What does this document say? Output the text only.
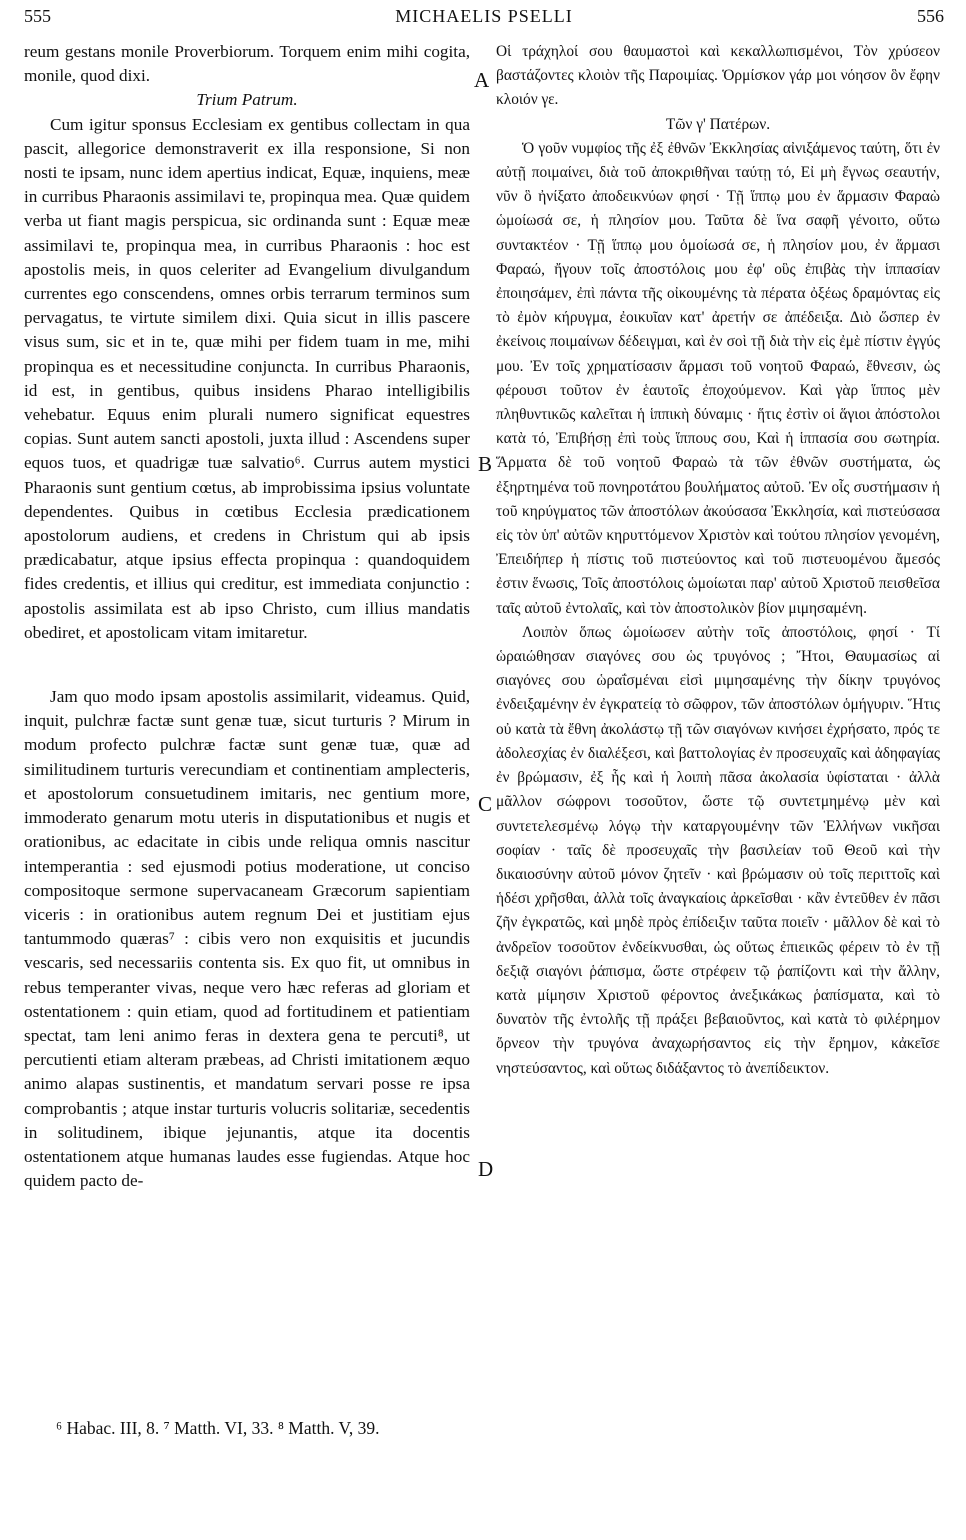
555	MICHAELIS PSELLI	556

reum gestans monile Proverbiorum. Torquem enim mihi cogita, monile, quod dixi.

Trium Patrum.

Cum igitur sponsus Ecclesiam ex gentibus collectam in qua pascit, allegorice demonstraverit ex illa responsione, Si non nosti te ipsam, nunc idem apertius indicat, Equæ, inquiens, meæ in curribus Pharaonis assimilavi te, propinqua mea. Quæ quidem verba ut fiant magis perspicua, sic ordinanda sunt : Equæ meæ assimilavi te, propinqua mea, in curribus Pharaonis : hoc est apostolis meis, in quos celeriter ad Evangelium divulgandum currentes ego conscendens, omnes orbis terrarum terminos sum pervagatus, te virtute similem dixi. Quia sicut in illis pascere visus sum, sic et in te, quæ mihi per fidem tuam in me, mihi propinqua es et necessitudine conjuncta. In curribus Pharaonis, id est, in gentibus, quibus insidens Pharao intelligibilis vehebatur. Equus enim plurali numero significat equestres copias. Sunt autem sancti apostoli, juxta illud : Ascendens super equos tuos, et quadrigæ tuæ salvatio⁶. Currus autem mystici Pharaonis sunt gentium cœtus, ab improbissima ipsius voluntate dependentes. Quibus in cœtibus Ecclesia prædicationem apostolorum audiens, et credens in Christum qui ab ipsis prædicabatur, atque ipsius effecta propinqua : quandoquidem fides credentis, et illius qui creditur, est immediata conjunctio : apostolis assimilata est ab ipso Christo, cum illius mandatis obediret, et apostolicam vitam imitaretur.

Jam quo modo ipsam apostolis assimilarit, videamus. Quid, inquit, pulchræ factæ sunt genæ tuæ, sicut turturis ? Mirum in modum profecto pulchræ factæ sunt genæ tuæ, quæ ad similitudinem turturis verecundiam et continentiam amplecteris, et apostolorum consuetudinem imitaris, nec gentium more, immoderato genarum motu uteris in disputationibus et nugis et orationibus, ac edacitate in cibis unde reliqua omnis nascitur intemperantia : sed ejusmodi potius moderatione, ut conciso compositoque sermone supervacaneam Græcorum sapientiam viceris : in orationibus autem regnum Dei et justitiam ejus tantummodo quæras⁷ : cibis vero non exquisitis et jucundis vescaris, sed necessariis contenta sis. Ex quo fit, ut omnibus in rebus temperanter vivas, neque vero hæc referas ad gloriam et ostentationem : quin etiam, quod ad fortitudinem et patientiam spectat, tam leni animo feras in dextera gena te percuti⁸, ut percutienti etiam alteram præbeas, ad Christi imitationem æquo animo alapas sustinentis, et mandatum servari posse re ipsa comprobantis ; atque instar turturis volucris solitariæ, secedentis in solitudinem, ibique jejunantis, atque ita docentis ostentationem atque humanas laudes esse fugiendas. Atque hoc quidem pacto de-

A
B
C
D

Οἱ τράχηλοί σου θαυμαστοὶ καὶ κεκαλλωπισμένοι, Τὸν χρύσεον βαστάζοντες κλοιὸν τῆς Παροιμίας. Ὁρμίσκον γάρ μοι νόησον ὃν ἔφην κλοιόν γε.

Τῶν γ' Πατέρων.

Ὁ γοῦν νυμφίος τῆς ἐξ ἐθνῶν Ἐκκλησίας αἰνιξάμενος ταύτη, ὅτι ἐν αὐτῇ ποιμαίνει, διὰ τοῦ ἀποκριθῆναι ταύτῃ τό, Εἰ μὴ ἔγνως σεαυτήν, νῦν ὃ ἠνίξατο ἀποδεικνύων φησί · Τῇ ἵππῳ μου ἐν ἅρμασιν Φαραὼ ὡμοίωσά σε, ἡ πλησίον μου. Ταῦτα δὲ ἵνα σαφῆ γένοιτο, οὕτω συντακτέον · Τῇ ἵππῳ μου ὁμοίωσά σε, ἡ πλησίον μου, ἐν ἅρμασι Φαραώ, ἤγουν τοῖς ἀποστόλοις μου ἐφ' οὓς ἐπιβὰς τὴν ἱππασίαν ἐποιησάμεν, ἐπὶ πάντα τῆς οἰκουμένης τὰ πέρατα ὀξέως δραμόντας εἰς τὸ ἐμὸν κήρυγμα, ἐοικυῖαν κατ' ἀρετήν σε ἀπέδειξα. Διὸ ὥσπερ ἐν ἐκείνοις ποιμαίνων δέδειγμαι, καὶ ἐν σοὶ τῇ διὰ τὴν εἰς ἐμὲ πίστιν ἐγγύς μου. Ἐν τοῖς χρηματίσασιν ἅρμασι τοῦ νοητοῦ Φαραώ, ἔθνεσιν, ὡς φέρουσι τοῦτον ἐν ἑαυτοῖς ἐποχούμενον. Καὶ γὰρ ἵππος μὲν πληθυντικῶς καλεῖται ἡ ἱππικὴ δύναμις · ἥτις ἐστὶν οἱ ἅγιοι ἀπόστολοι κατὰ τό, Ἐπιβήσῃ ἐπὶ τοὺς ἵππους σου, Καὶ ἡ ἱππασία σου σωτηρία. Ἅρματα δὲ τοῦ νοητοῦ Φαραὼ τὰ τῶν ἐθνῶν συστήματα, ὡς ἐξηρτημένα τοῦ πονηροτάτου βουλήματος αὐτοῦ. Ἐν οἷς συστήμασιν ἡ τοῦ κηρύγματος τῶν ἀποστόλων ἀκούσασα Ἐκκλησία, καὶ πιστεύσασα εἰς τὸν ὑπ' αὐτῶν κηρυττόμενον Χριστὸν καὶ τούτου πλησίον γενομένη, Ἐπειδήπερ ἡ πίστις τοῦ πιστεύοντος καὶ τοῦ πιστευομένου ἄμεσός ἐστιν ἕνωσις, Τοῖς ἀποστόλοις ὡμοίωται παρ' αὐτοῦ Χριστοῦ πεισθεῖσα ταῖς αὐτοῦ ἐντολαῖς, καὶ τὸν ἀποστολικὸν βίον μιμησαμένη.

Λοιπὸν ὅπως ὡμοίωσεν αὐτὴν τοῖς ἀποστόλοις, φησί · Τί ὡραιώθησαν σιαγόνες σου ὡς τρυγόνος ; Ἤτοι, Θαυμασίως αἱ σιαγόνες σου ὡραΐσμέναι εἰσὶ μιμησαμένης τὴν δίκην τρυγόνος ἐνδειξαμένην ἐν ἐγκρατείᾳ τὸ σῶφρον, τῶν ἀποστόλων ὁμήγυριν. Ἥτις οὐ κατὰ τὰ ἔθνη ἀκολάστῳ τῇ τῶν σιαγόνων κινήσει ἐχρήσατο, πρός τε ἀδολεσχίας ἐν διαλέξεσι, καὶ βαττολογίας ἐν προσευχαῖς καὶ ἀδηφαγίας ἐν βρώμασιν, ἐξ ἧς καὶ ἡ λοιπὴ πᾶσα ἀκολασία ὑφίσταται · ἀλλὰ μᾶλλον σώφρονι τοσοῦτον, ὥστε τῷ συντετμημένῳ μὲν καὶ συντετελεσμένῳ λόγῳ τὴν καταργουμένην τῶν Ἑλλήνων νικῆσαι σοφίαν · ταῖς δὲ προσευχαῖς τὴν βασιλείαν τοῦ Θεοῦ καὶ τὴν δικαιοσύνην αὐτοῦ μόνον ζητεῖν · καὶ βρώμασιν οὐ τοῖς περιττοῖς καὶ ἡδέσι χρῆσθαι, ἀλλὰ τοῖς ἀναγκαίοις ἀρκεῖσθαι · κἂν ἐντεῦθεν ἐν πᾶσι ζῆν ἐγκρατῶς, καὶ μηδὲ πρὸς ἐπίδειξιν ταῦτα ποιεῖν · μᾶλλον δὲ καὶ τὸ ἀνδρεῖον τοσοῦτον ἐνδείκνυσθαι, ὡς οὕτως ἐπιεικῶς φέρειν τὸ ἐν τῇ δεξιᾷ σιαγόνι ῥάπισμα, ὥστε στρέφειν τῷ ῥαπίζοντι καὶ τὴν ἄλλην, κατὰ μίμησιν Χριστοῦ φέροντος ἀνεξικάκως ῥαπίσματα, καὶ τὸ δυνατὸν τῆς ἐντολῆς τῇ πράξει βεβαιοῦντος, καὶ κατὰ τὸ φιλέρημον ὄρνεον τὴν τρυγόνα ἀναχωρήσαντος εἰς τὴν ἔρημον, κἀκεῖσε νηστεύσαντος, καὶ οὕτως διδάξαντος τὸ ἀνεπίδεικτον.

⁶ Habac. III, 8. ⁷ Matth. VI, 33. ⁸ Matth. V, 39.
